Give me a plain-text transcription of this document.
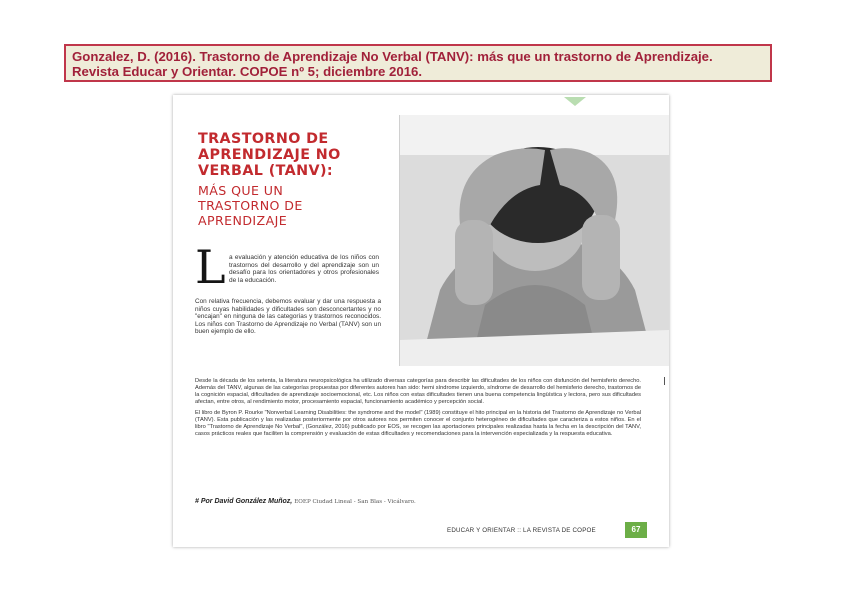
Gonzalez, D. (2016). Trastorno de Aprendizaje No Verbal (TANV): más que un trastorno de Aprendizaje.
Revista Educar y Orientar. COPOE nº 5; diciembre 2016.
TRASTORNO DE
APRENDIZAJE NO
VERBAL (TANV):
MÁS QUE UN
TRASTORNO DE
APRENDIZAJE
L a evaluación y atención educativa de los niños con trastornos del desarrollo y del aprendizaje son un desafío para los orientadores y otros profesionales de la educación.
Con relativa frecuencia, debemos evaluar y dar una respuesta a niños cuyas habilidades y dificultades son desconcertantes y no "encajan" en ninguna de las categorías y trastornos reconocidos. Los niños con Trastorno de Aprendizaje no Verbal (TANV) son un buen ejemplo de ello.

Desde la década de los setenta, la literatura neuropsicológica ha utilizado diversas categorías para describir las dificultades de los niños con disfunción del hemisferio derecho. Además del TANV, algunas de las categorías propuestas por diferentes autores han sido: hemi síndrome izquierdo, síndrome de desarrollo del hemisferio derecho, trastornos de la cognición espacial, dificultades de aprendizaje socioemocional, etc. Los niños con estas dificultades tienen una buena competencia lingüística y lectora, pero sus dificultades afectan, entre otros, al rendimiento motor, procesamiento espacial, funcionamiento académico y percepción social.

El libro de Byron P. Rourke "Nonverbal Learning Disabilities: the syndrome and the model" (1989) constituye el hito principal en la historia del Trastorno de Aprendizaje no Verbal (TANV). Esta publicación y las realizadas posteriormente por otros autores nos permiten conocer el conjunto heterogéneo de dificultades que caracteriza a estos niños. En el libro "Trastorno de Aprendizaje No Verbal", (González, 2016) publicado por EOS, se recogen las aportaciones principales realizadas hasta la fecha en la descripción del TANV, casos prácticos reales que faciliten la comprensión y evaluación de estas dificultades y recomendaciones para la intervención especializada y la respuesta educativa.

# Por David González Muñoz, EOEP Ciudad Lineal - San Blas - Vicálvaro.
EDUCAR Y ORIENTAR :: LA REVISTA DE COPOE	67
